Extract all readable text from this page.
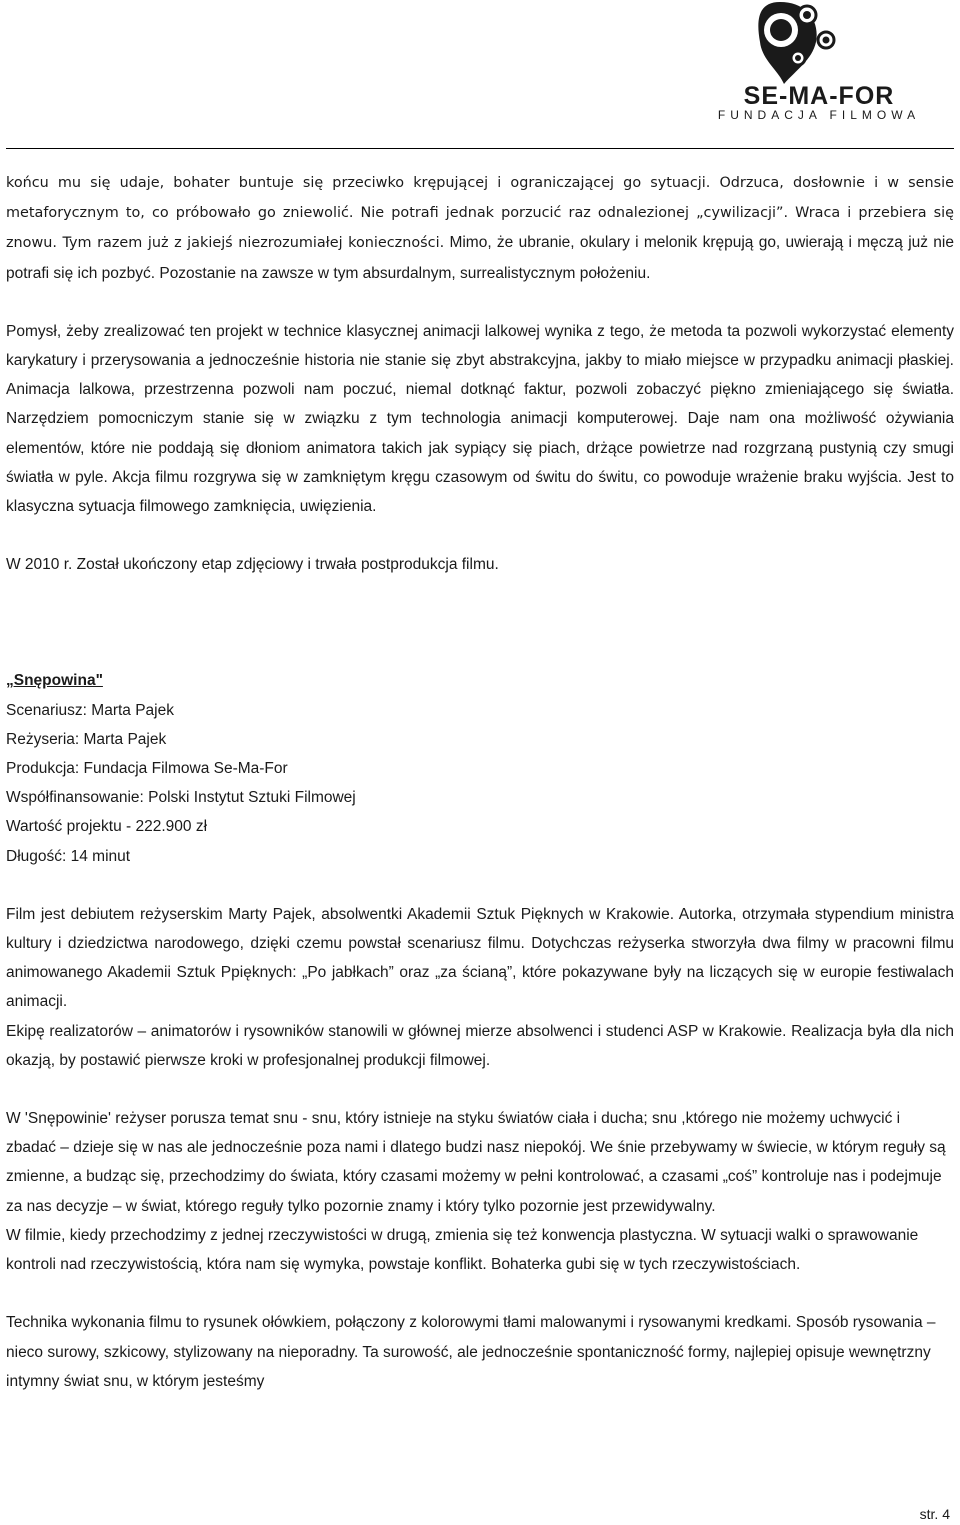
SE-MA-FOR
FUNDACJA FILMOWA

końcu mu się udaje, bohater buntuje się przeciwko krępującej i ograniczającej go sytuacji. Odrzuca, dosłownie i w sensie metaforycznym to, co próbowało go zniewolić. Nie potrafi jednak porzucić raz odnalezionej „cywilizacji”. Wraca i przebiera się znowu. Tym razem już z jakiejś niezrozumiałej konieczności. Mimo, że ubranie, okulary i melonik krępują go, uwierają i męczą już nie potrafi się ich pozbyć. Pozostanie na zawsze w tym absurdalnym, surrealistycznym położeniu.

Pomysł, żeby zrealizować ten projekt w technice klasycznej animacji lalkowej wynika z tego, że metoda ta pozwoli wykorzystać elementy karykatury i przerysowania a jednocześnie historia nie stanie się zbyt abstrakcyjna, jakby to miało miejsce w przypadku animacji płaskiej. Animacja lalkowa, przestrzenna pozwoli nam poczuć, niemal dotknąć faktur, pozwoli zobaczyć piękno zmieniającego się światła. Narzędziem pomocniczym stanie się w związku z tym technologia animacji komputerowej. Daje nam ona możliwość ożywiania elementów, które nie poddają się dłoniom animatora takich jak sypiący się piach, drżące powietrze nad rozgrzaną pustynią czy smugi światła w pyle. Akcja filmu rozgrywa się w zamkniętym kręgu czasowym od świtu do świtu, co powoduje wrażenie braku wyjścia. Jest to klasyczna sytuacja filmowego zamknięcia, uwięzienia.

W 2010 r. Został ukończony etap zdjęciowy i trwała postprodukcja filmu.

„Snępowina"

Scenariusz: Marta Pajek

Reżyseria: Marta Pajek

Produkcja: Fundacja Filmowa Se-Ma-For

Współfinansowanie: Polski Instytut Sztuki Filmowej

Wartość projektu - 222.900 zł

Długość: 14 minut

Film jest debiutem reżyserskim Marty Pajek, absolwentki Akademii Sztuk Pięknych w Krakowie. Autorka, otrzymała stypendium ministra kultury i dziedzictwa narodowego, dzięki czemu powstał scenariusz filmu. Dotychczas reżyserka stworzyła dwa filmy w pracowni filmu animowanego Akademii Sztuk Ppięknych: „Po jabłkach” oraz „za ścianą”, które pokazywane były na liczących się w europie festiwalach animacji.

Ekipę realizatorów – animatorów i rysowników stanowili w głównej mierze absolwenci i studenci ASP w Krakowie. Realizacja była dla nich okazją, by postawić pierwsze kroki w profesjonalnej produkcji filmowej.

W 'Snępowinie' reżyser porusza temat snu - snu, który istnieje na styku światów ciała i ducha; snu ,którego nie możemy uchwycić i zbadać – dzieje się w nas ale jednocześnie poza nami i dlatego budzi nasz niepokój. We śnie przebywamy w świecie, w którym reguły są zmienne, a budząc się, przechodzimy do świata, który czasami możemy w pełni kontrolować, a czasami „coś” kontroluje nas i podejmuje za nas decyzje – w świat, którego reguły tylko pozornie znamy i który tylko pozornie jest przewidywalny.

W filmie, kiedy przechodzimy z jednej rzeczywistości w drugą, zmienia się też konwencja plastyczna. W sytuacji walki o sprawowanie kontroli nad rzeczywistością, która nam się wymyka, powstaje konflikt. Bohaterka gubi się w tych rzeczywistościach.

Technika wykonania filmu to rysunek ołówkiem, połączony z kolorowymi tłami malowanymi i rysowanymi kredkami. Sposób rysowania – nieco surowy, szkicowy, stylizowany na nieporadny. Ta surowość, ale jednocześnie spontaniczność formy, najlepiej opisuje wewnętrzny intymny świat snu, w którym jesteśmy

str. 4
